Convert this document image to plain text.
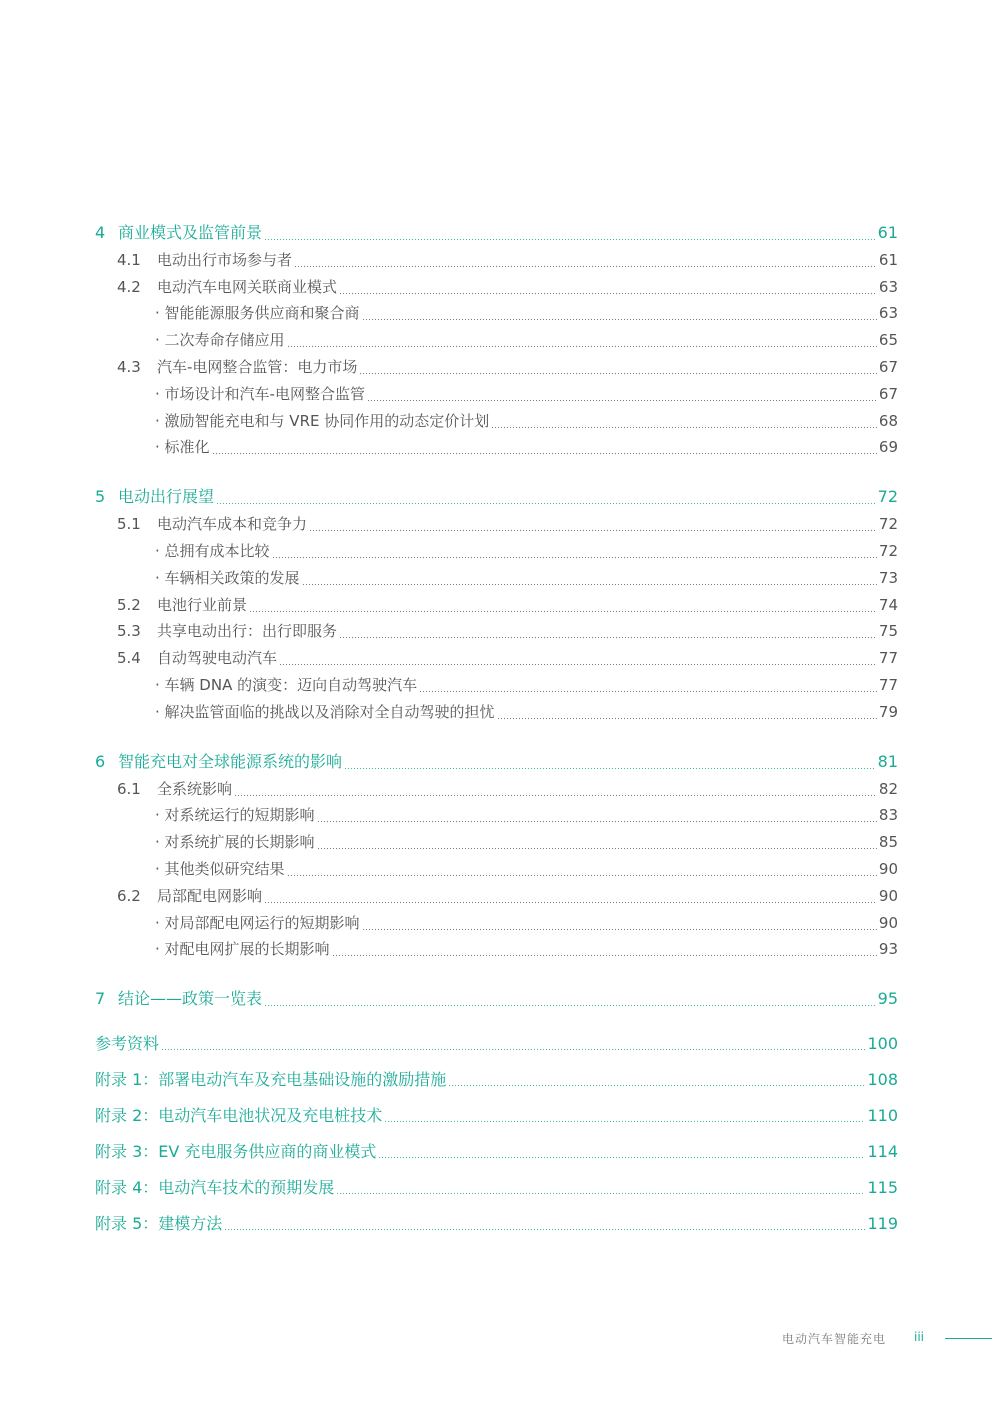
4 商业模式及监管前景	61
4.1 电动出行市场参与者	61
4.2 电动汽车电网关联商业模式	63
· 智能能源服务供应商和聚合商	63
· 二次寿命存储应用	65
4.3 汽车-电网整合监管：电力市场	67
· 市场设计和汽车-电网整合监管	67
· 激励智能充电和与 VRE 协同作用的动态定价计划	68
· 标准化	69
5 电动出行展望	72
5.1 电动汽车成本和竞争力	72
· 总拥有成本比较	72
· 车辆相关政策的发展	73
5.2 电池行业前景	74
5.3 共享电动出行：出行即服务	75
5.4 自动驾驶电动汽车	77
· 车辆 DNA 的演变：迈向自动驾驶汽车	77
· 解决监管面临的挑战以及消除对全自动驾驶的担忧	79
6 智能充电对全球能源系统的影响	81
6.1 全系统影响	82
· 对系统运行的短期影响	83
· 对系统扩展的长期影响	85
· 其他类似研究结果	90
6.2 局部配电网影响	90
· 对局部配电网运行的短期影响	90
· 对配电网扩展的长期影响	93
7 结论——政策一览表	95
参考资料	100
附录 1：部署电动汽车及充电基础设施的激励措施	108
附录 2：电动汽车电池状况及充电桩技术	110
附录 3：EV 充电服务供应商的商业模式	114
附录 4：电动汽车技术的预期发展	115
附录 5：建模方法	119
电动汽车智能充电 iii
